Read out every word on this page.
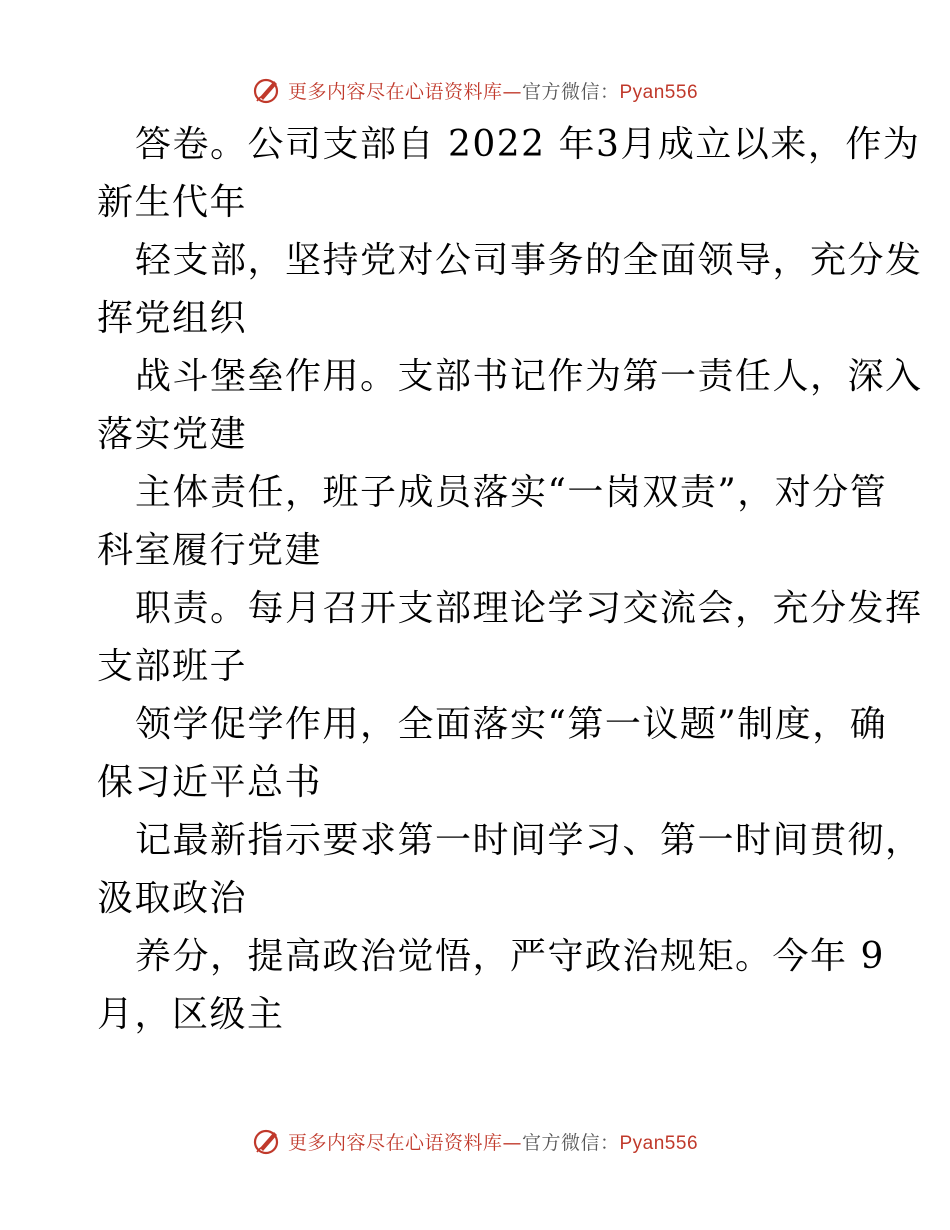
更多内容尽在心语资料库—官方微信：Pyan556

答卷。公司支部自 2022 年3月成立以来，作为
新生代年

轻支部，坚持党对公司事务的全面领导，充分发
挥党组织

战斗堡垒作用。支部书记作为第一责任人，深入
落实党建

主体责任，班子成员落实“一岗双责”，对分管
科室履行党建

职责。每月召开支部理论学习交流会，充分发挥
支部班子

领学促学作用，全面落实“第一议题”制度，确
保习近平总书

记最新指示要求第一时间学习、第一时间贯彻，
汲取政治

养分，提高政治觉悟，严守政治规矩。今年 9
月，区级主

更多内容尽在心语资料库—官方微信：Pyan556
